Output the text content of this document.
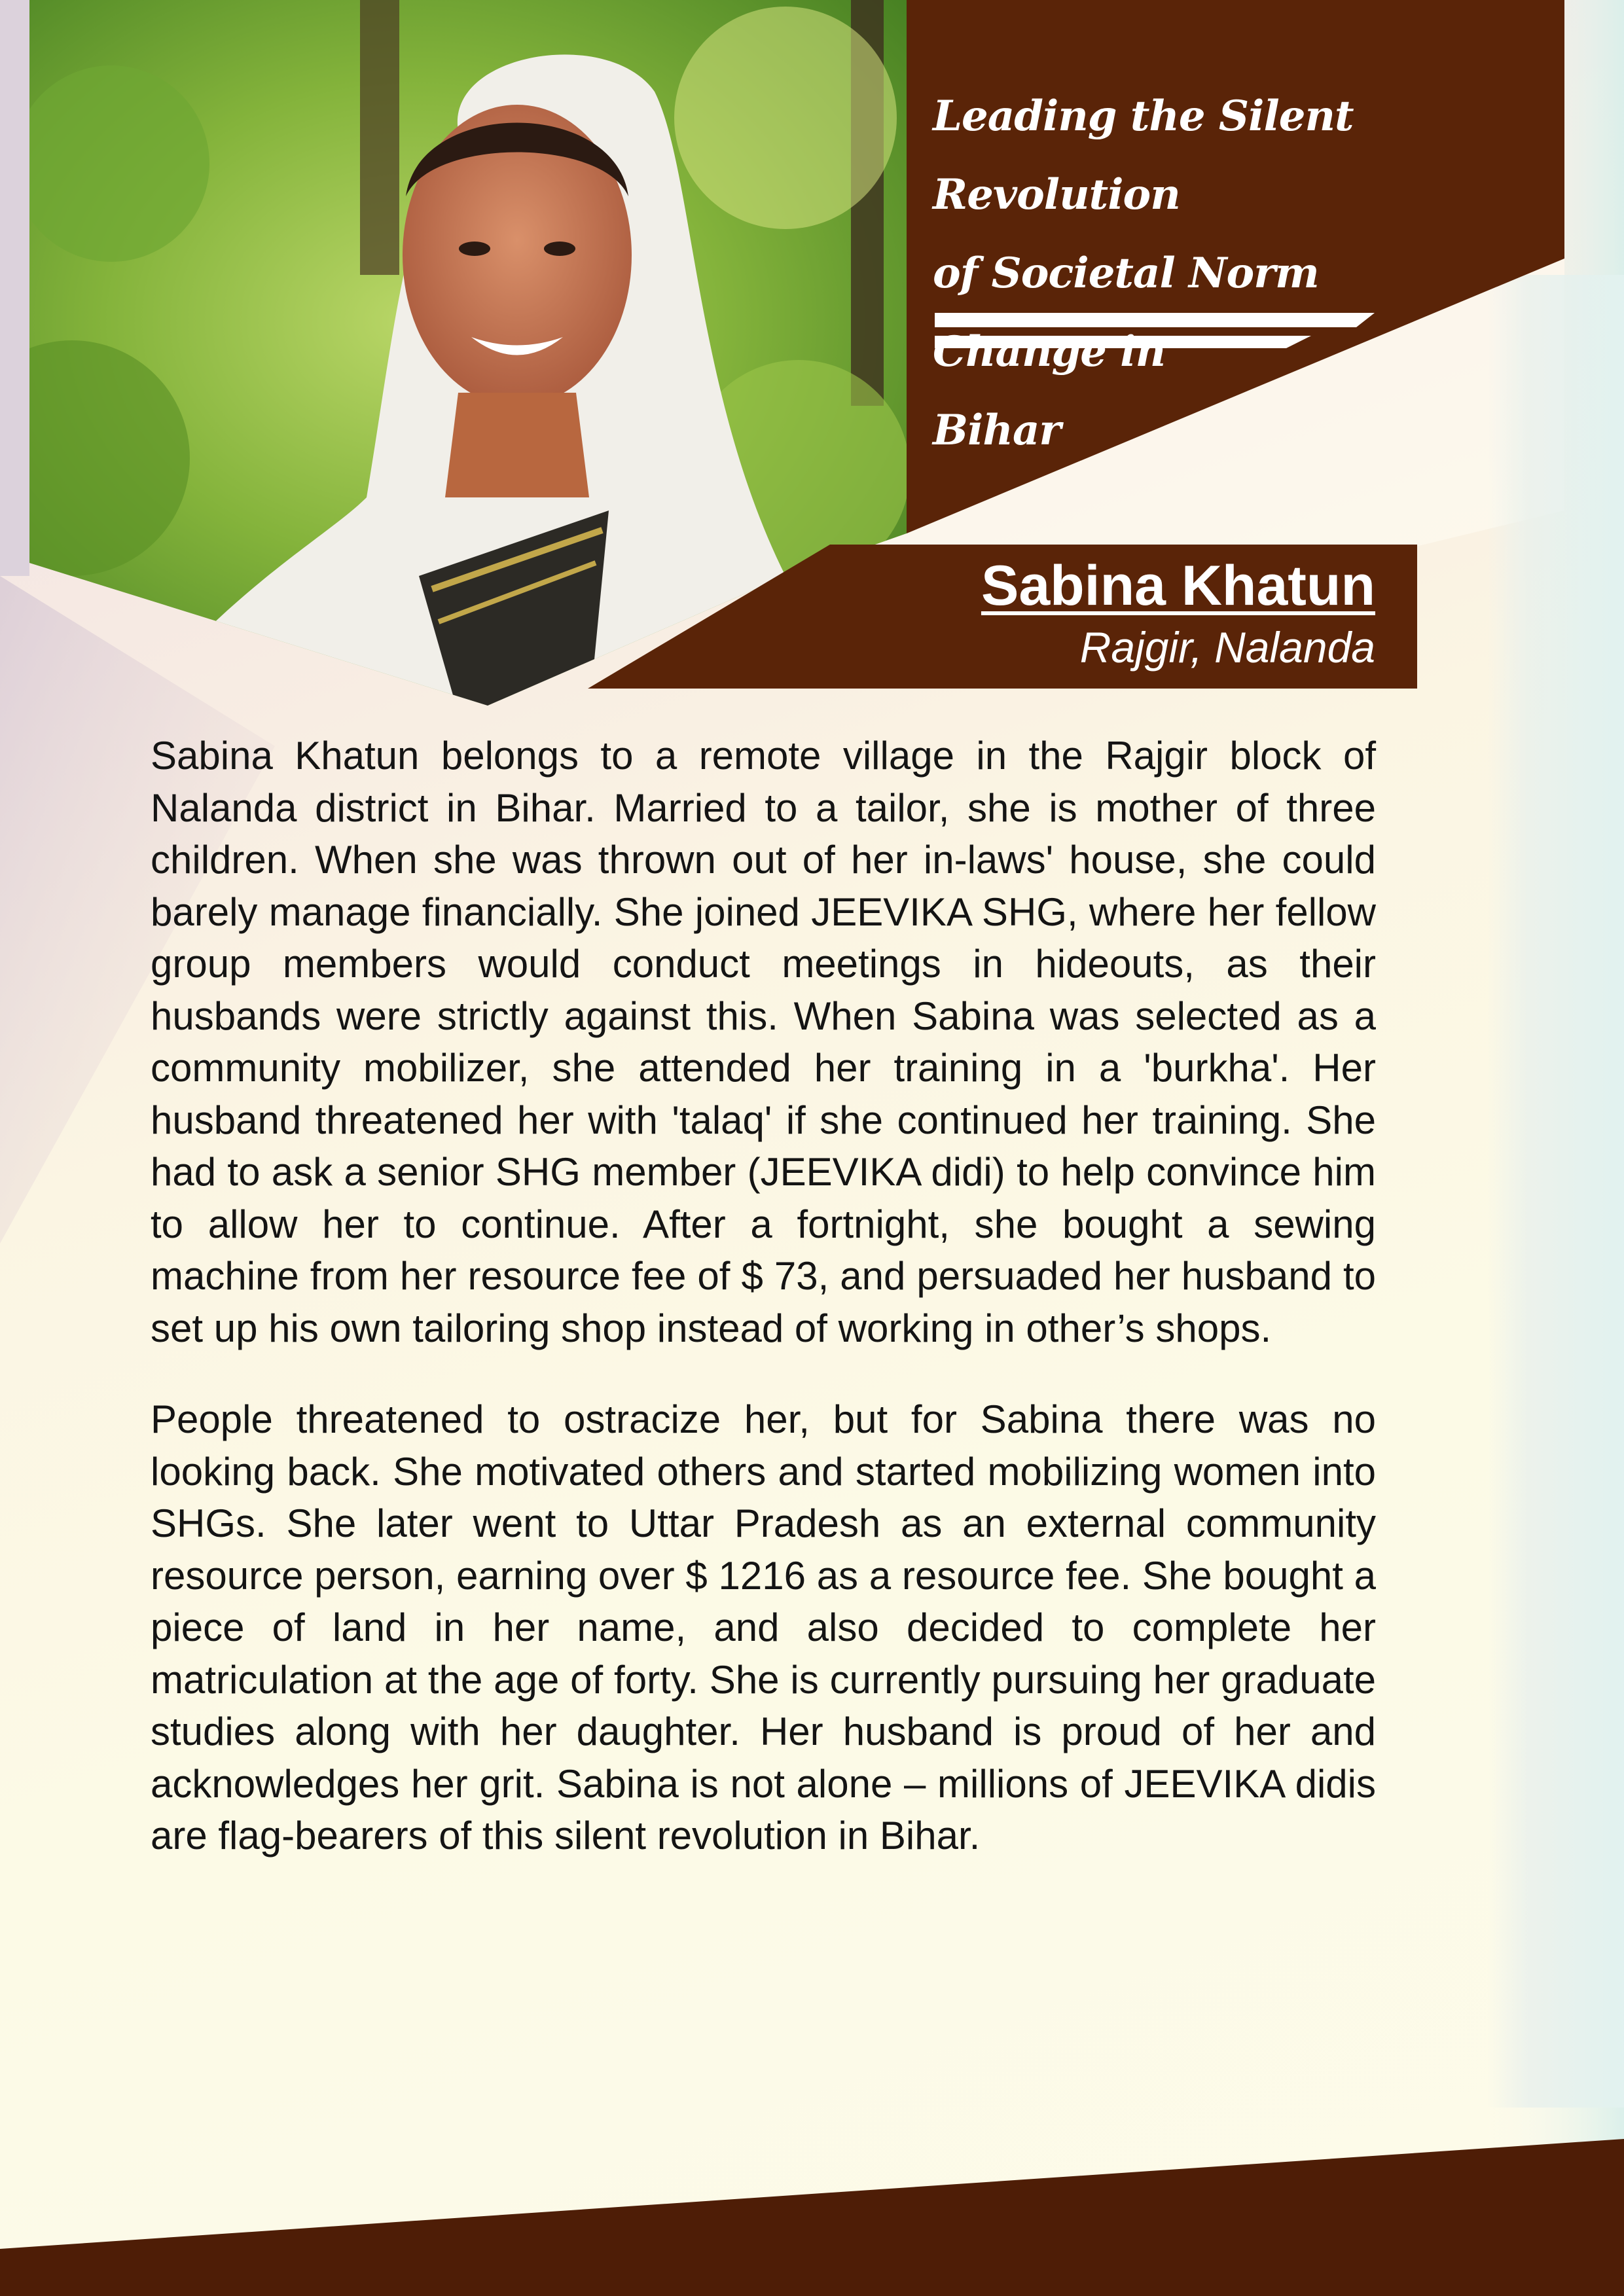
Leading the Silent Revolution
of Societal Norm Change in
Bihar
Sabina Khatun
Rajgir, Nalanda

Sabina Khatun belongs to a remote village in the Rajgir block of Nalanda district in Bihar. Married to a tailor, she is mother of three children. When she was thrown out of her in-laws' house, she could barely manage financially. She joined JEEVIKA SHG, where her fellow group members would conduct meetings in hideouts, as their husbands were strictly against this. When Sabina was selected as a community mobilizer, she attended her training in a 'burkha'. Her husband threatened her with 'talaq' if she continued her training. She had to ask a senior SHG member (JEEVIKA didi) to help convince him to allow her to continue. After a fortnight, she bought a sewing machine from her resource fee of $ 73, and persuaded her husband to set up his own tailoring shop instead of working in other’s shops.

People threatened to ostracize her, but for Sabina there was no looking back. She motivated others and started mobilizing women into SHGs. She later went to Uttar Pradesh as an external community resource person, earning over $ 1216 as a resource fee. She bought a piece of land in her name, and also decided to complete her matriculation at the age of forty. She is currently pursuing her graduate studies along with her daughter. Her husband is proud of her and acknowledges her grit. Sabina is not alone – millions of JEEVIKA didis are flag-bearers of this silent revolution in Bihar.
